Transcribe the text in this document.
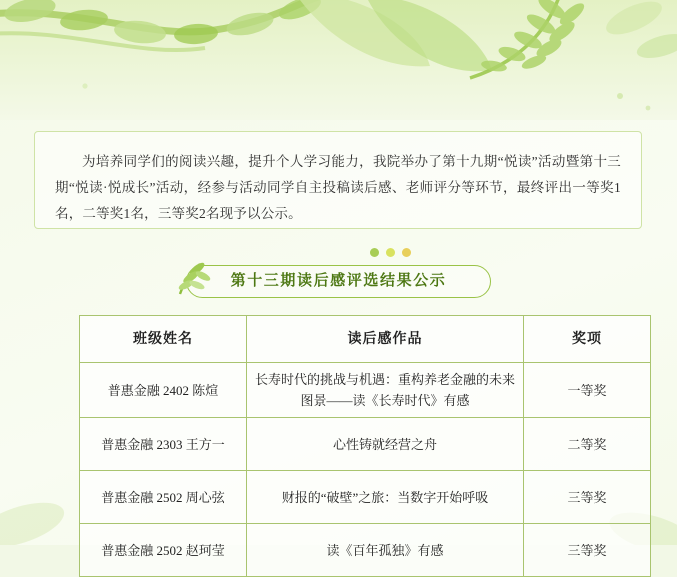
为培养同学们的阅读兴趣，提升个人学习能力，我院举办了第十九期“悦读”活动暨第十三期“悦读·悦成长”活动，经参与活动同学自主投稿读后感、老师评分等环节，最终评出一等奖1名，二等奖1名，三等奖2名现予以公示。

第十三期读后感评选结果公示
班级姓名	读后感作品	奖项
普惠金融 2402 陈煊	长寿时代的挑战与机遇：重构养老金融的未来图景——读《长寿时代》有感	一等奖
普惠金融 2303 王方一	心性铸就经营之舟	二等奖
普惠金融 2502 周心弦	财报的“破壁”之旅：当数字开始呼吸	三等奖
普惠金融 2502 赵珂莹	读《百年孤独》有感	三等奖
